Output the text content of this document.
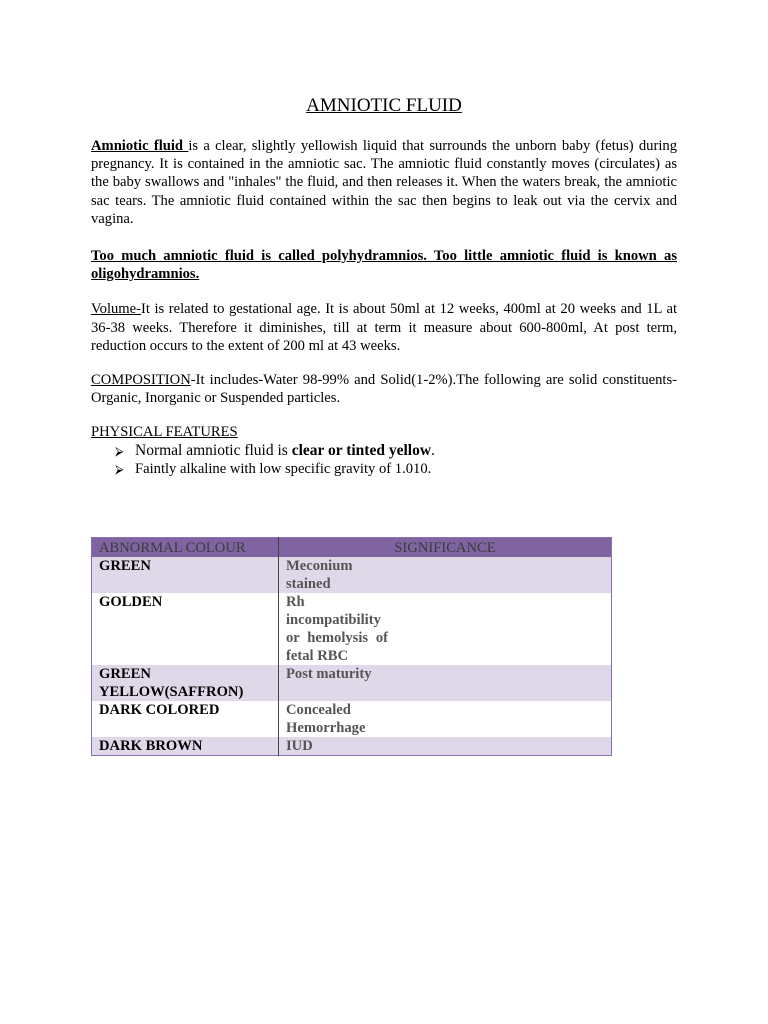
AMNIOTIC FLUID

Amniotic fluid is a clear, slightly yellowish liquid that surrounds the unborn baby (fetus) during pregnancy. It is contained in the amniotic sac. The amniotic fluid constantly moves (circulates) as the baby swallows and "inhales" the fluid, and then releases it. When the waters break, the amniotic sac tears. The amniotic fluid contained within the sac then begins to leak out via the cervix and vagina.

Too much amniotic fluid is called polyhydramnios. Too little amniotic fluid is known as oligohydramnios.

Volume-It is related to gestational age. It is about 50ml at 12 weeks, 400ml at 20 weeks and 1L at 36-38 weeks. Therefore it diminishes, till at term it measure about 600-800ml, At post term, reduction occurs to the extent of 200 ml at 43 weeks.

COMPOSITION-It includes-Water 98-99% and Solid(1-2%).The following are solid constituents-Organic, Inorganic or Suspended particles.

PHYSICAL FEATURES

⮚ Normal amniotic fluid is clear or tinted yellow.
⮚ Faintly alkaline with low specific gravity of 1.010.
ABNORMAL COLOUR	SIGNIFICANCE
GREEN	Meconium stained

GOLDEN	Rh incompatibility or hemolysis of fetal RBC

GREEN YELLOW(SAFFRON)	Post maturity

DARK COLORED	Concealed Hemorrhage

DARK BROWN	IUD
